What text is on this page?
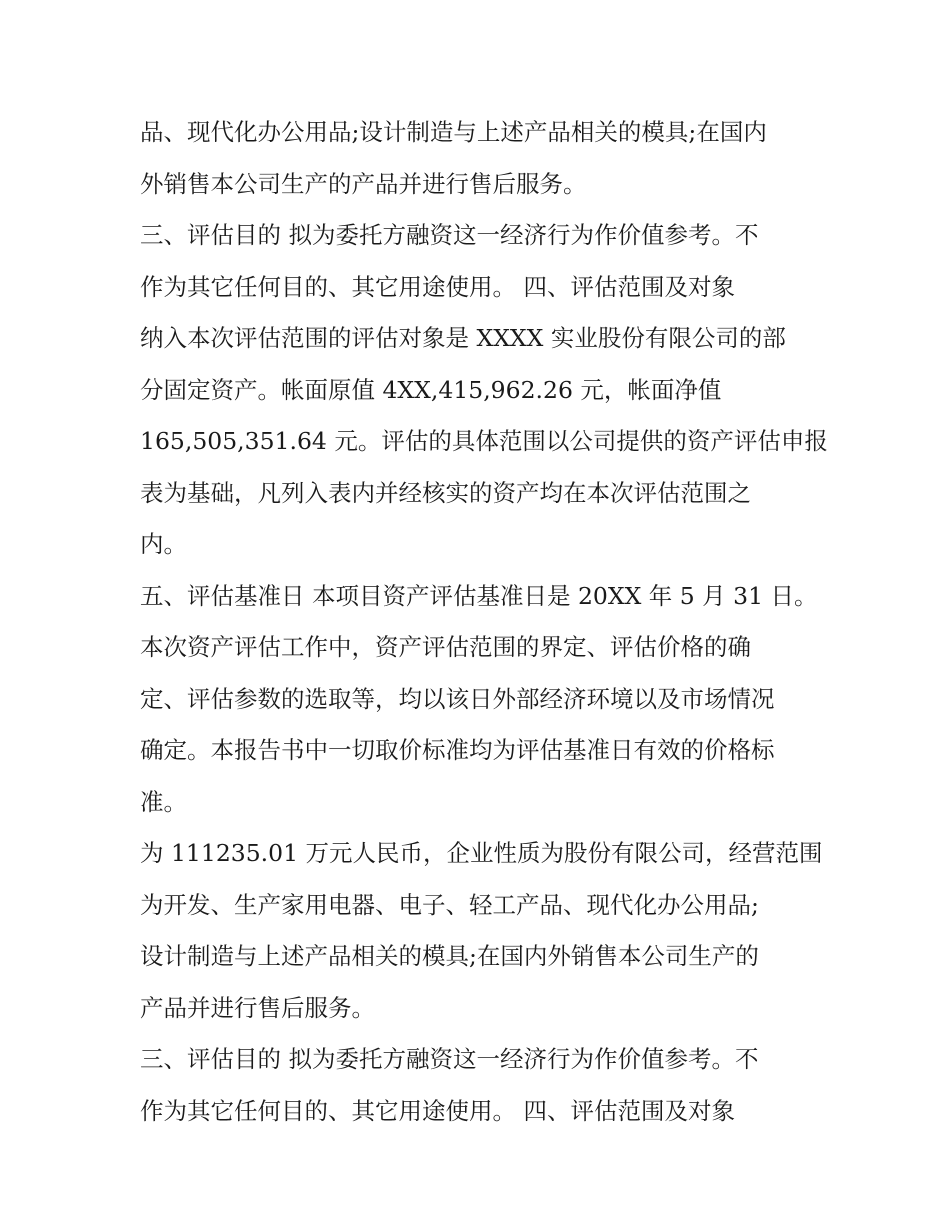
品、现代化办公用品;设计制造与上述产品相关的模具;在国内
外销售本公司生产的产品并进行售后服务。
三、评估目的 拟为委托方融资这一经济行为作价值参考。不
作为其它任何目的、其它用途使用。 四、评估范围及对象
纳入本次评估范围的评估对象是 XXXX 实业股份有限公司的部
分固定资产。帐面原值 4XX,415,962.26 元，帐面净值
165,505,351.64 元。评估的具体范围以公司提供的资产评估申报
表为基础，凡列入表内并经核实的资产均在本次评估范围之
内。
五、评估基准日 本项目资产评估基准日是 20XX 年 5 月 31 日。
本次资产评估工作中，资产评估范围的界定、评估价格的确
定、评估参数的选取等，均以该日外部经济环境以及市场情况
确定。本报告书中一切取价标准均为评估基准日有效的价格标
准。
为 111235.01 万元人民币，企业性质为股份有限公司，经营范围
为开发、生产家用电器、电子、轻工产品、现代化办公用品;
设计制造与上述产品相关的模具;在国内外销售本公司生产的
产品并进行售后服务。
三、评估目的 拟为委托方融资这一经济行为作价值参考。不
作为其它任何目的、其它用途使用。 四、评估范围及对象
